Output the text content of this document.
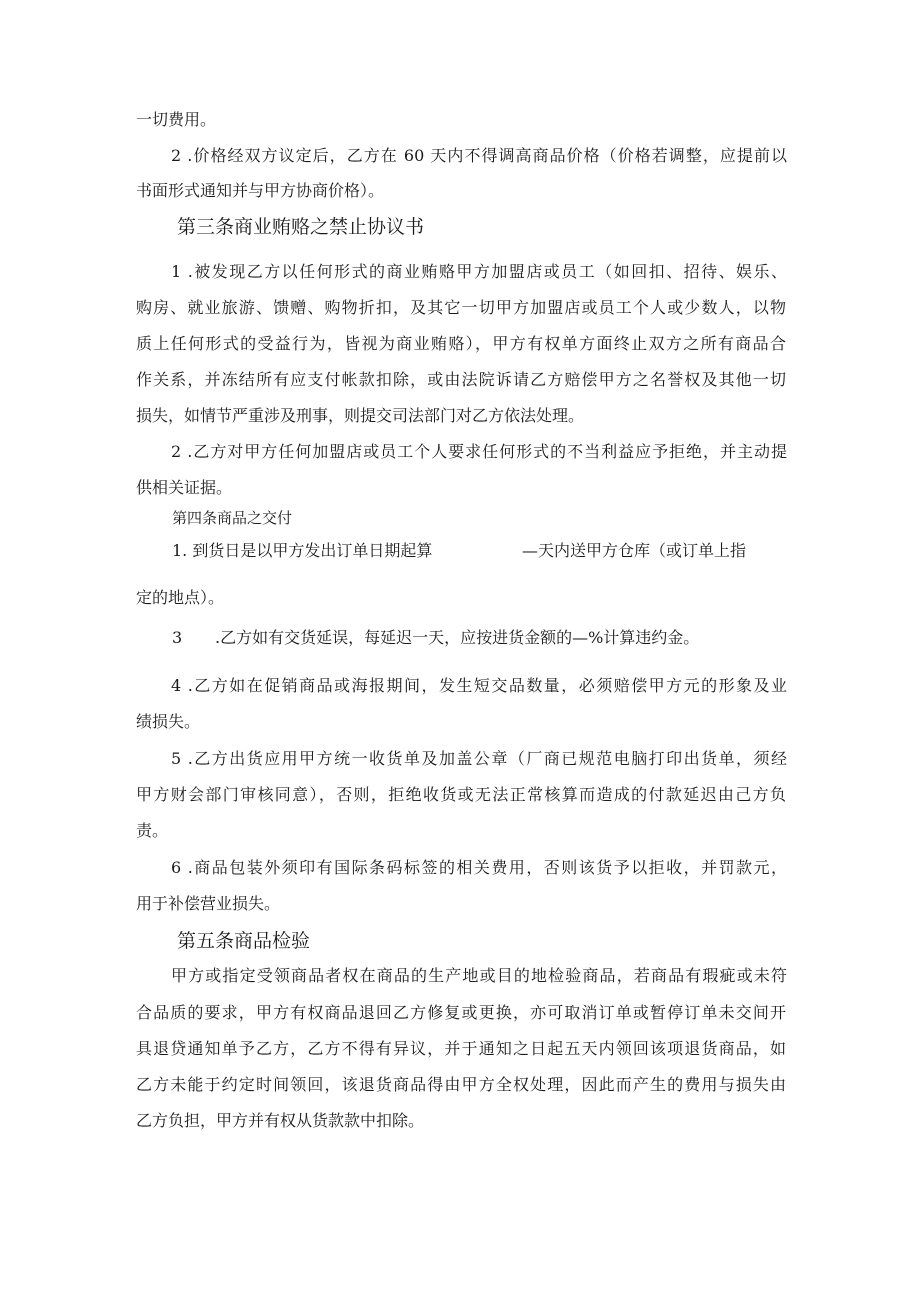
一切费用。
2 .价格经双方议定后，乙方在 60 天内不得调高商品价格（价格若调整，应提前以
书面形式通知并与甲方协商价格）。
第三条商业贿赂之禁止协议书
1 .被发现乙方以任何形式的商业贿赂甲方加盟店或员工（如回扣、招待、娱乐、
购房、就业旅游、馈赠、购物折扣，及其它一切甲方加盟店或员工个人或少数人，以物
质上任何形式的受益行为，皆视为商业贿赂），甲方有权单方面终止双方之所有商品合
作关系，并冻结所有应支付帐款扣除，或由法院诉请乙方赔偿甲方之名誉权及其他一切
损失，如情节严重涉及刑事，则提交司法部门对乙方依法处理。
2 .乙方对甲方任何加盟店或员工个人要求任何形式的不当利益应予拒绝，并主动提
供相关证据。
第四条商品之交付
1. 到货日是以甲方发出订单日期起算	—天内送甲方仓库（或订单上指
定的地点）。
3 .乙方如有交货延误，每延迟一天，应按进货金额的—%计算违约金。
4 .乙方如在促销商品或海报期间，发生短交品数量，必须赔偿甲方元的形象及业
绩损失。
5 .乙方出货应用甲方统一收货单及加盖公章（厂商已规范电脑打印出货单，须经
甲方财会部门审核同意），否则，拒绝收货或无法正常核算而造成的付款延迟由己方负
责。
6 .商品包装外须印有国际条码标签的相关费用，否则该货予以拒收，并罚款元，
用于补偿营业损失。
第五条商品检验
甲方或指定受领商品者权在商品的生产地或目的地检验商品，若商品有瑕疵或未符
合品质的要求，甲方有权商品退回乙方修复或更换，亦可取消订单或暂停订单未交间开
具退贷通知单予乙方，乙方不得有异议，并于通知之日起五天内领回该项退货商品，如
乙方未能于约定时间领回，该退货商品得由甲方全权处理，因此而产生的费用与损失由
乙方负担，甲方并有权从货款款中扣除。
